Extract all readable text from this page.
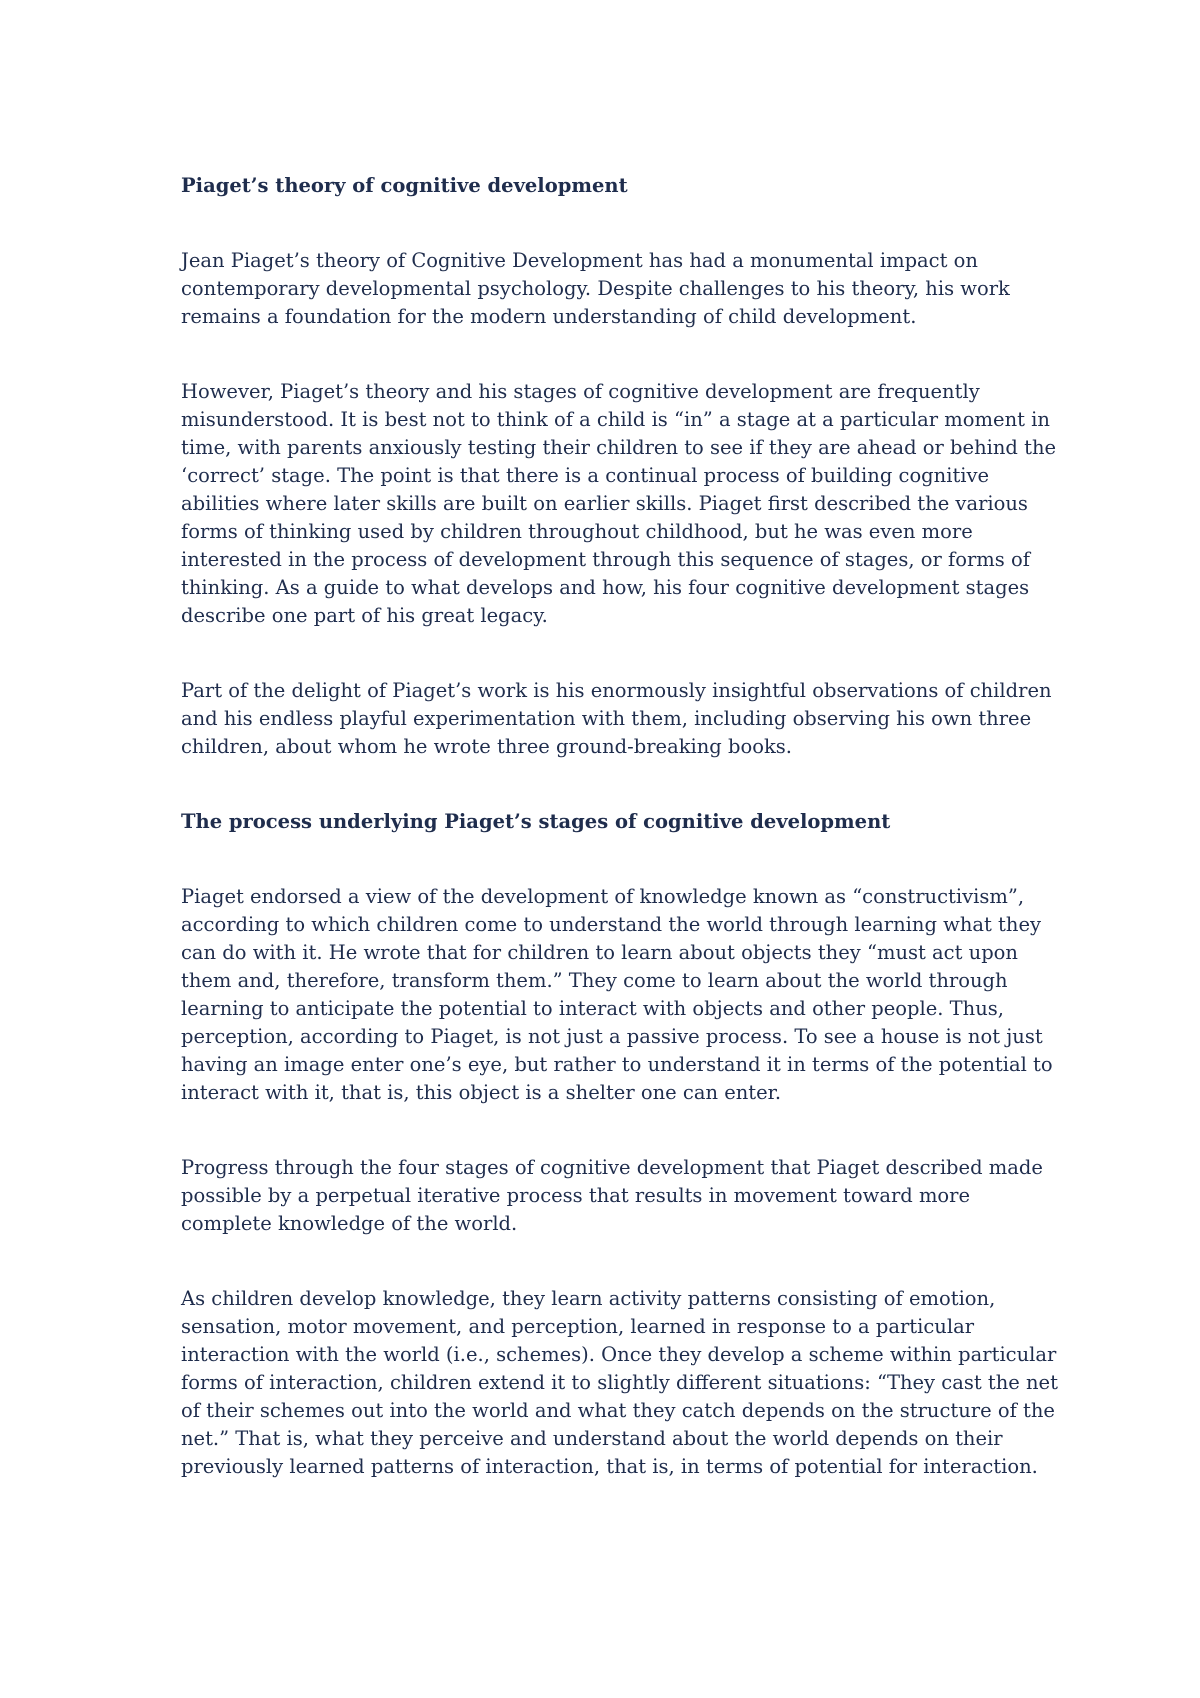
Piaget’s theory of cognitive development

Jean Piaget’s theory of Cognitive Development has had a monumental impact on contemporary developmental psychology. Despite challenges to his theory, his work remains a foundation for the modern understanding of child development.

However, Piaget’s theory and his stages of cognitive development are frequently misunderstood. It is best not to think of a child is “in” a stage at a particular moment in time, with parents anxiously testing their children to see if they are ahead or behind the ‘correct’ stage. The point is that there is a continual process of building cognitive abilities where later skills are built on earlier skills. Piaget first described the various forms of thinking used by children throughout childhood, but he was even more interested in the process of development through this sequence of stages, or forms of thinking. As a guide to what develops and how, his four cognitive development stages describe one part of his great legacy.

Part of the delight of Piaget’s work is his enormously insightful observations of children and his endless playful experimentation with them, including observing his own three children, about whom he wrote three ground-breaking books.

The process underlying Piaget’s stages of cognitive development

Piaget endorsed a view of the development of knowledge known as “constructivism”, according to which children come to understand the world through learning what they can do with it. He wrote that for children to learn about objects they “must act upon them and, therefore, transform them.” They come to learn about the world through learning to anticipate the potential to interact with objects and other people. Thus, perception, according to Piaget, is not just a passive process. To see a house is not just having an image enter one’s eye, but rather to understand it in terms of the potential to interact with it, that is, this object is a shelter one can enter.

Progress through the four stages of cognitive development that Piaget described made possible by a perpetual iterative process that results in movement toward more complete knowledge of the world.

As children develop knowledge, they learn activity patterns consisting of emotion, sensation, motor movement, and perception, learned in response to a particular interaction with the world (i.e., schemes). Once they develop a scheme within particular forms of interaction, children extend it to slightly different situations: “They cast the net of their schemes out into the world and what they catch depends on the structure of the net.” That is, what they perceive and understand about the world depends on their previously learned patterns of interaction, that is, in terms of potential for interaction.
